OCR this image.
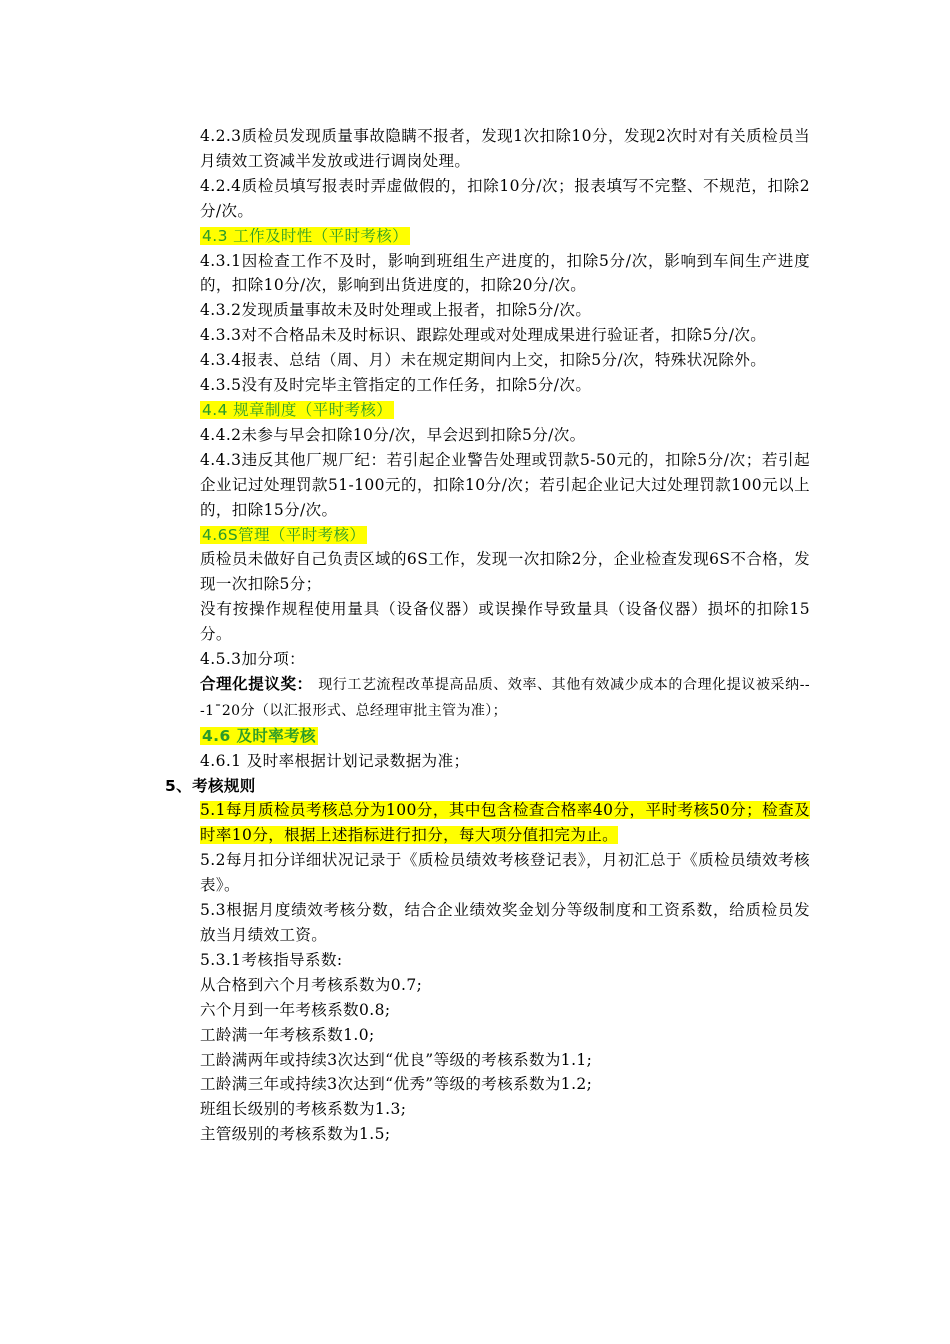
4.2.3质检员发现质量事故隐瞒不报者，发现1次扣除10分，发现2次时对有关质检员当月绩效工资减半发放或进行调岗处理。

4.2.4质检员填写报表时弄虚做假的，扣除10分/次；报表填写不完整、不规范，扣除2分/次。

4.3 工作及时性（平时考核）

4.3.1因检查工作不及时，影响到班组生产进度的，扣除5分/次，影响到车间生产进度的，扣除10分/次，影响到出货进度的，扣除20分/次。

4.3.2发现质量事故未及时处理或上报者，扣除5分/次。

4.3.3对不合格品未及时标识、跟踪处理或对处理成果进行验证者，扣除5分/次。

4.3.4报表、总结（周、月）未在规定期间内上交，扣除5分/次，特殊状况除外。

4.3.5没有及时完毕主管指定的工作任务，扣除5分/次。

4.4 规章制度（平时考核）

4.4.2未参与早会扣除10分/次，早会迟到扣除5分/次。

4.4.3违反其他厂规厂纪：若引起企业警告处理或罚款5-50元的，扣除5分/次；若引起企业记过处理罚款51-100元的，扣除10分/次；若引起企业记大过处理罚款100元以上的，扣除15分/次。

4.6S管理（平时考核）

质检员未做好自己负责区域的6S工作，发现一次扣除2分，企业检查发现6S不合格，发现一次扣除5分；

没有按操作规程使用量具（设备仪器）或误操作导致量具（设备仪器）损坏的扣除15分。

4.5.3加分项：

合理化提议奖： 现行工艺流程改革提高品质、效率、其他有效减少成本的合理化提议被采纳---1¯20分（以汇报形式、总经理审批主管为准）；

4.6 及时率考核

4.6.1 及时率根据计划记录数据为准；

5、考核规则

5.1每月质检员考核总分为100分，其中包含检查合格率40分，平时考核50分；检查及时率10分，根据上述指标进行扣分，每大项分值扣完为止。

5.2每月扣分详细状况记录于《质检员绩效考核登记表》，月初汇总于《质检员绩效考核表》。

5.3根据月度绩效考核分数，结合企业绩效奖金划分等级制度和工资系数，给质检员发放当月绩效工资。

5.3.1考核指导系数:

从合格到六个月考核系数为0.7;

六个月到一年考核系数0.8;

工龄满一年考核系数1.0;

工龄满两年或持续3次达到“优良”等级的考核系数为1.1;

工龄满三年或持续3次达到“优秀”等级的考核系数为1.2;

班组长级别的考核系数为1.3;

主管级别的考核系数为1.5;
